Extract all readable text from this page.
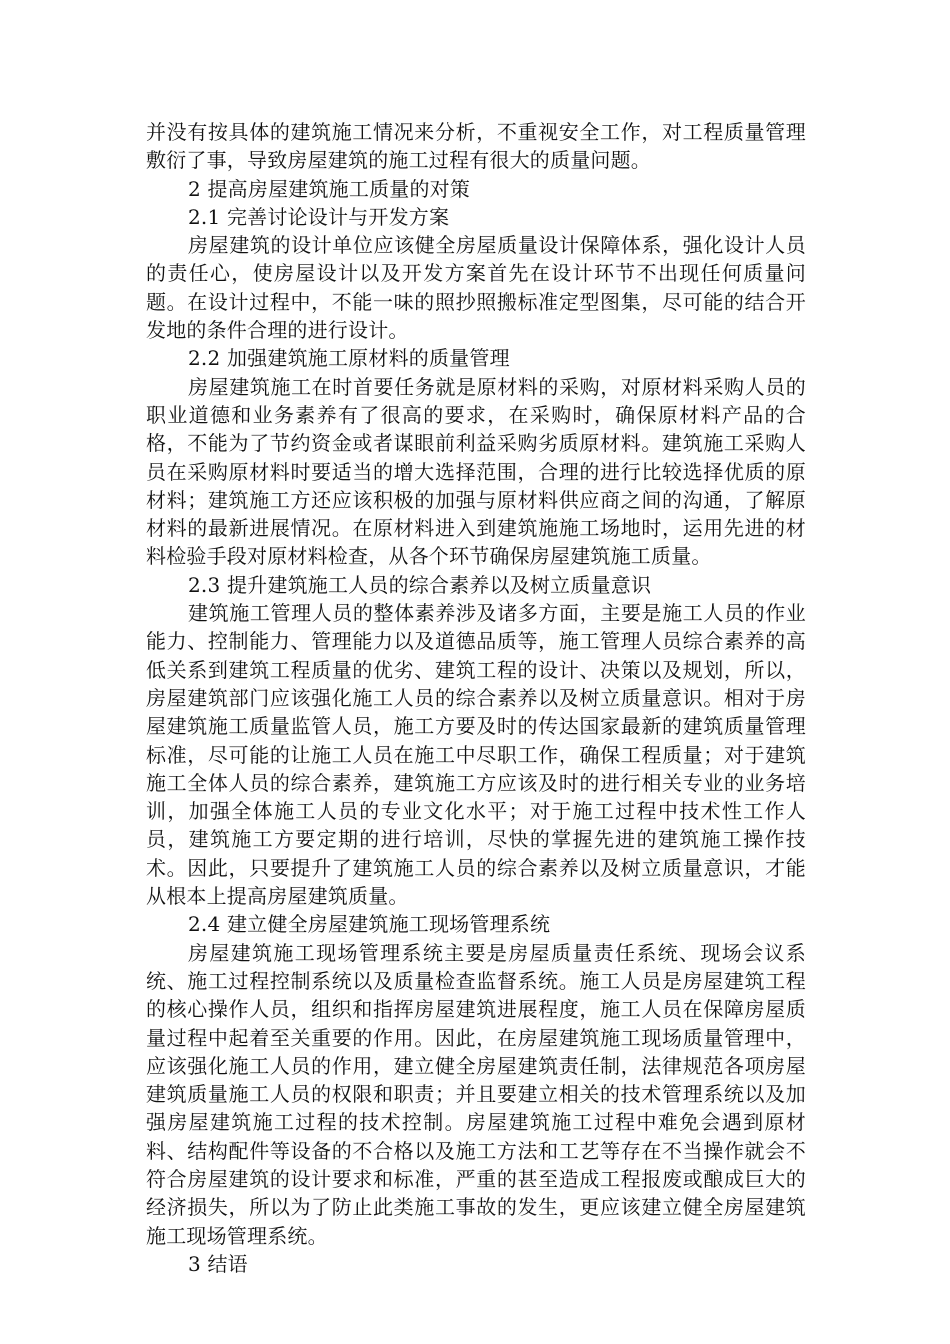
并没有按具体的建筑施工情况来分析，不重视安全工作，对工程质量管理敷衍了事，导致房屋建筑的施工过程有很大的质量问题。

2 提高房屋建筑施工质量的对策

2.1 完善讨论设计与开发方案

房屋建筑的设计单位应该健全房屋质量设计保障体系，强化设计人员的责任心，使房屋设计以及开发方案首先在设计环节不出现任何质量问题。在设计过程中，不能一味的照抄照搬标准定型图集，尽可能的结合开发地的条件合理的进行设计。

2.2 加强建筑施工原材料的质量管理

房屋建筑施工在时首要任务就是原材料的采购，对原材料采购人员的职业道德和业务素养有了很高的要求，在采购时，确保原材料产品的合格，不能为了节约资金或者谋眼前利益采购劣质原材料。建筑施工采购人员在采购原材料时要适当的增大选择范围，合理的进行比较选择优质的原材料；建筑施工方还应该积极的加强与原材料供应商之间的沟通，了解原材料的最新进展情况。在原材料进入到建筑施施工场地时，运用先进的材料检验手段对原材料检查，从各个环节确保房屋建筑施工质量。

2.3 提升建筑施工人员的综合素养以及树立质量意识

建筑施工管理人员的整体素养涉及诸多方面，主要是施工人员的作业能力、控制能力、管理能力以及道德品质等，施工管理人员综合素养的高低关系到建筑工程质量的优劣、建筑工程的设计、决策以及规划，所以，房屋建筑部门应该强化施工人员的综合素养以及树立质量意识。相对于房屋建筑施工质量监管人员，施工方要及时的传达国家最新的建筑质量管理标准，尽可能的让施工人员在施工中尽职工作，确保工程质量；对于建筑施工全体人员的综合素养，建筑施工方应该及时的进行相关专业的业务培训，加强全体施工人员的专业文化水平；对于施工过程中技术性工作人员，建筑施工方要定期的进行培训，尽快的掌握先进的建筑施工操作技术。因此，只要提升了建筑施工人员的综合素养以及树立质量意识，才能从根本上提高房屋建筑质量。

2.4 建立健全房屋建筑施工现场管理系统

房屋建筑施工现场管理系统主要是房屋质量责任系统、现场会议系统、施工过程控制系统以及质量检查监督系统。施工人员是房屋建筑工程的核心操作人员，组织和指挥房屋建筑进展程度，施工人员在保障房屋质量过程中起着至关重要的作用。因此，在房屋建筑施工现场质量管理中，应该强化施工人员的作用，建立健全房屋建筑责任制，法律规范各项房屋建筑质量施工人员的权限和职责；并且要建立相关的技术管理系统以及加强房屋建筑施工过程的技术控制。房屋建筑施工过程中难免会遇到原材料、结构配件等设备的不合格以及施工方法和工艺等存在不当操作就会不符合房屋建筑的设计要求和标准，严重的甚至造成工程报废或酿成巨大的经济损失，所以为了防止此类施工事故的发生，更应该建立健全房屋建筑施工现场管理系统。

3 结语
